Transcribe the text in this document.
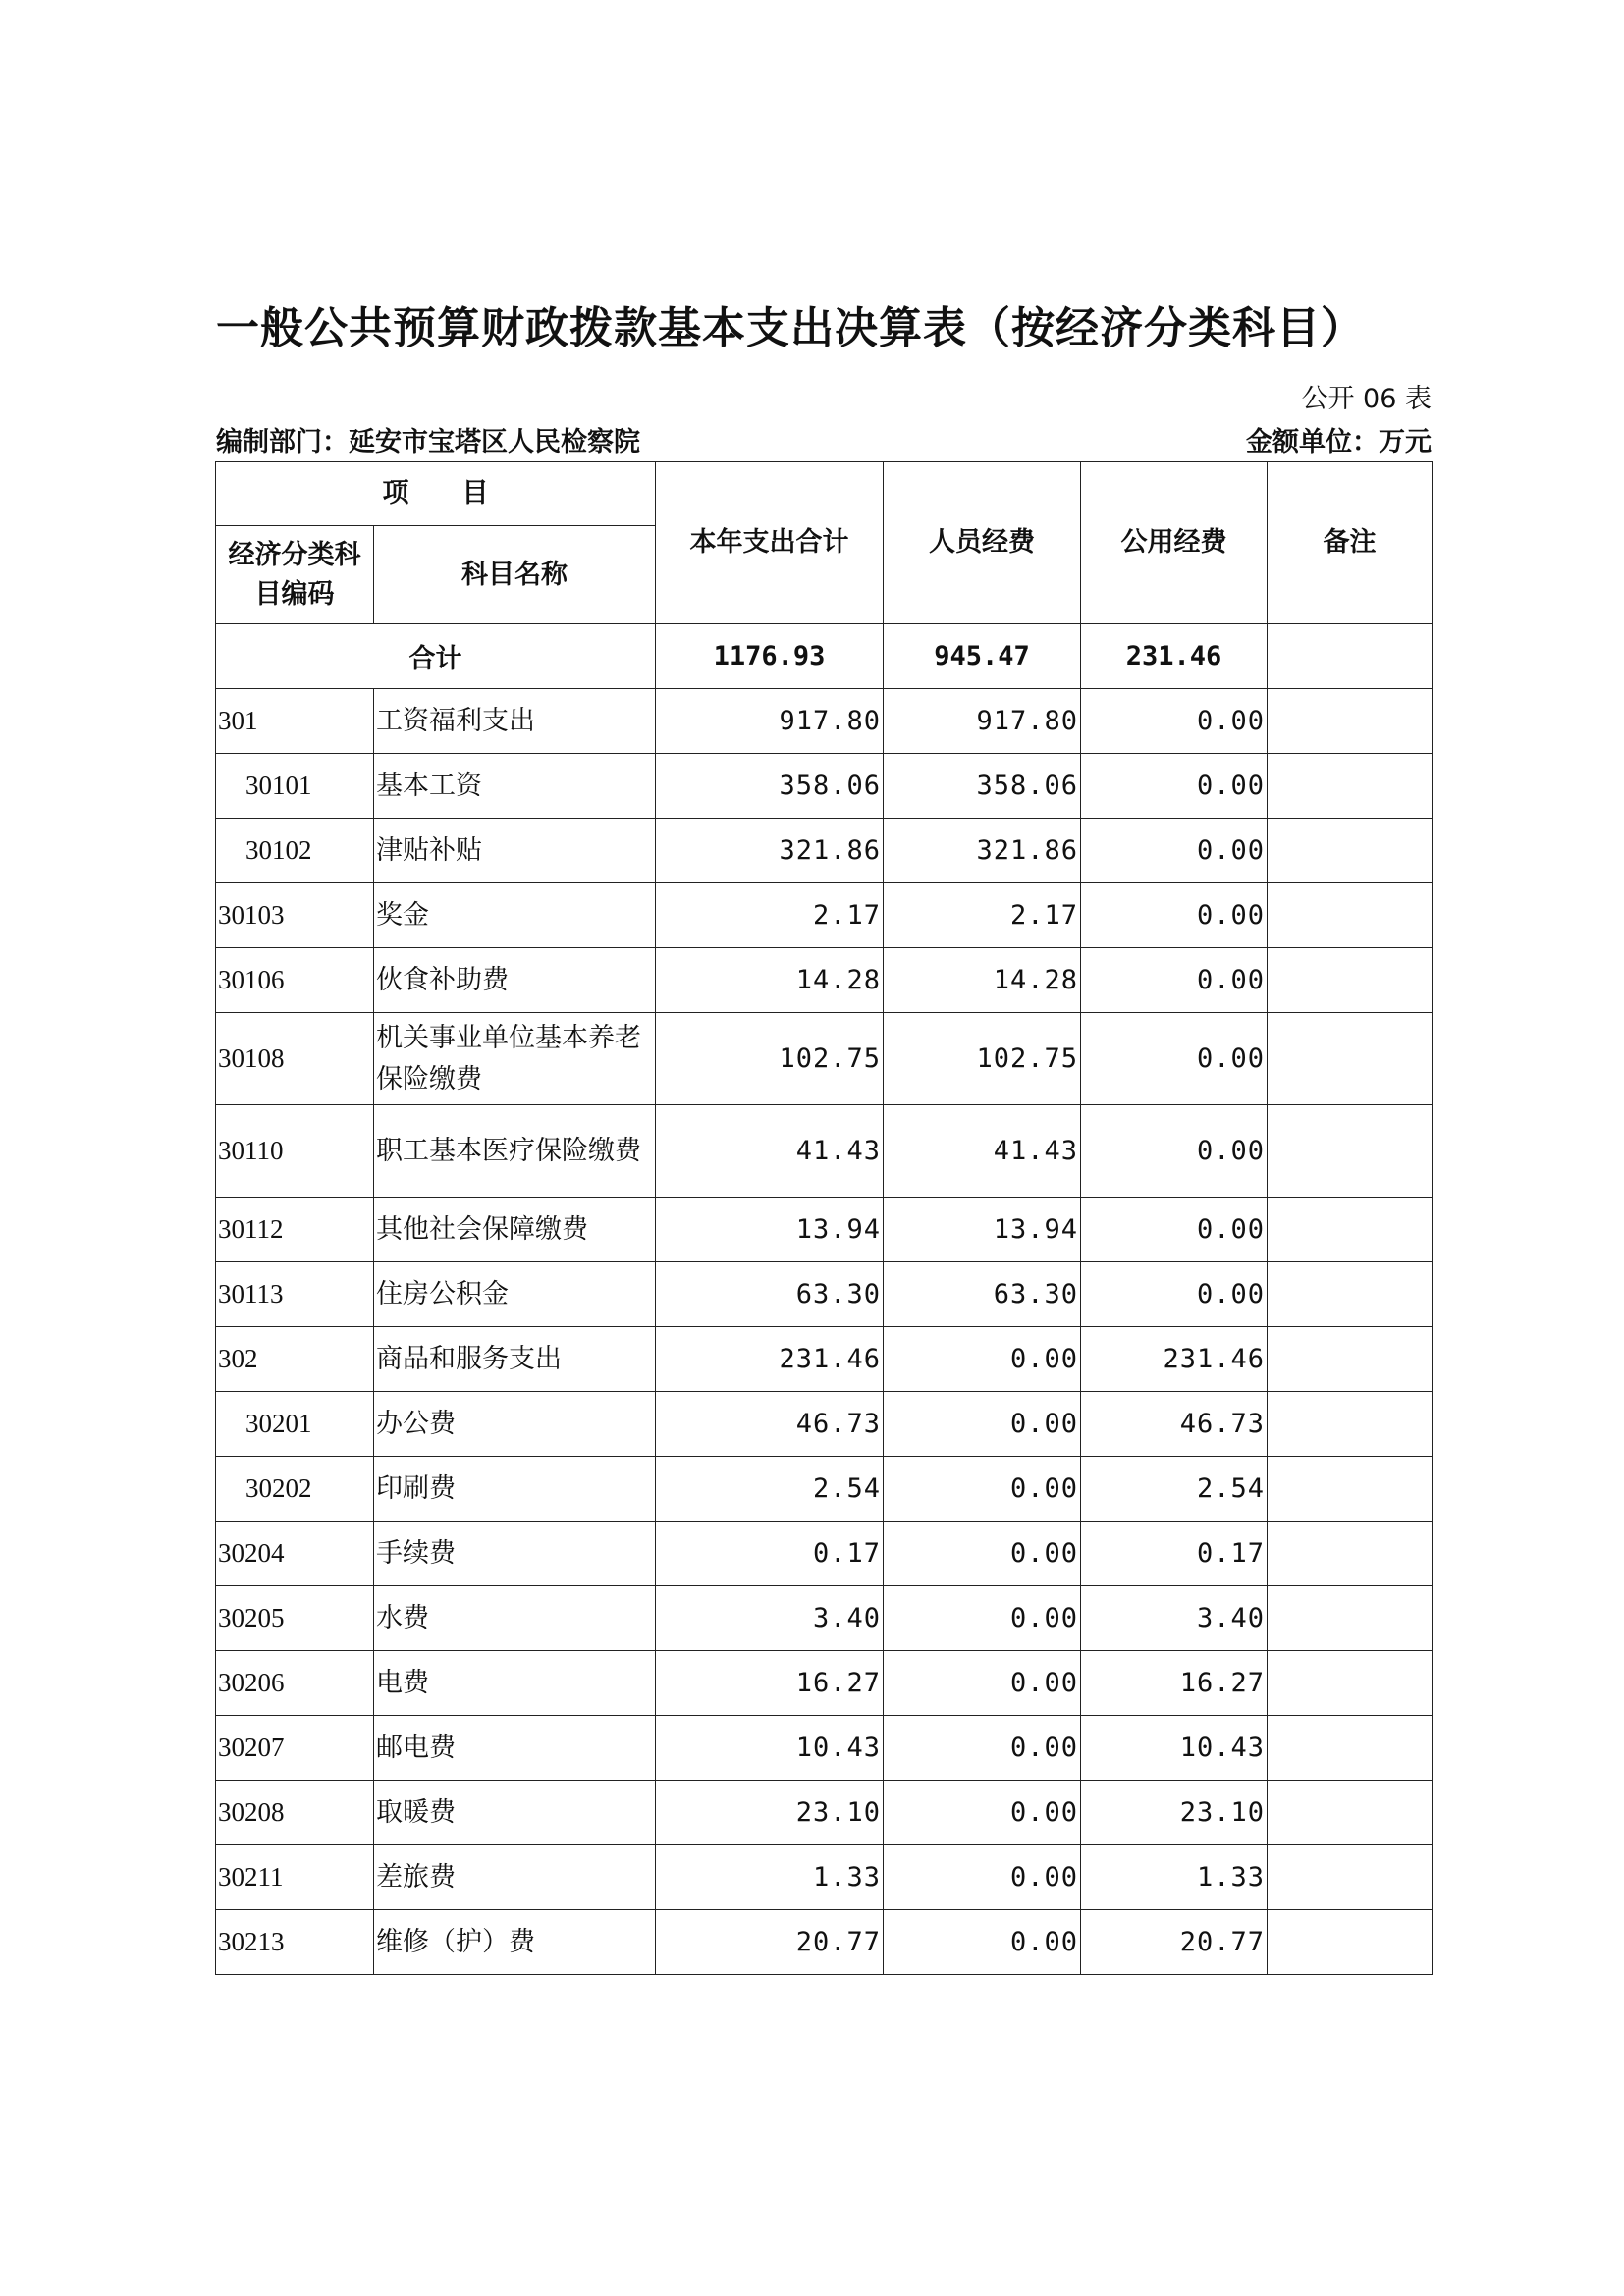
一般公共预算财政拨款基本支出决算表（按经济分类科目）
公开 06 表
编制部门：延安市宝塔区人民检察院	金额单位：万元
项　　目		本年支出合计	人员经费	公用经费	备注

经济分类科
目编码	科目名称				
合计		1176.93	945.47	231.46	
301	工资福利支出	917.80	917.80	0.00	
30101	基本工资	358.06	358.06	0.00	
30102	津贴补贴	321.86	321.86	0.00	
30103	奖金	2.17	2.17	0.00	
30106	伙食补助费	14.28	14.28	0.00	
30108	机关事业单位基本养老保险缴费	102.75	102.75	0.00	
30110	职工基本医疗保险缴费	41.43	41.43	0.00	
30112	其他社会保障缴费	13.94	13.94	0.00	
30113	住房公积金	63.30	63.30	0.00	
302	商品和服务支出	231.46	0.00	231.46	
30201	办公费	46.73	0.00	46.73	
30202	印刷费	2.54	0.00	2.54	
30204	手续费	0.17	0.00	0.17	
30205	水费	3.40	0.00	3.40	
30206	电费	16.27	0.00	16.27	
30207	邮电费	10.43	0.00	10.43	
30208	取暖费	23.10	0.00	23.10	
30211	差旅费	1.33	0.00	1.33	
30213	维修（护）费	20.77	0.00	20.77	
